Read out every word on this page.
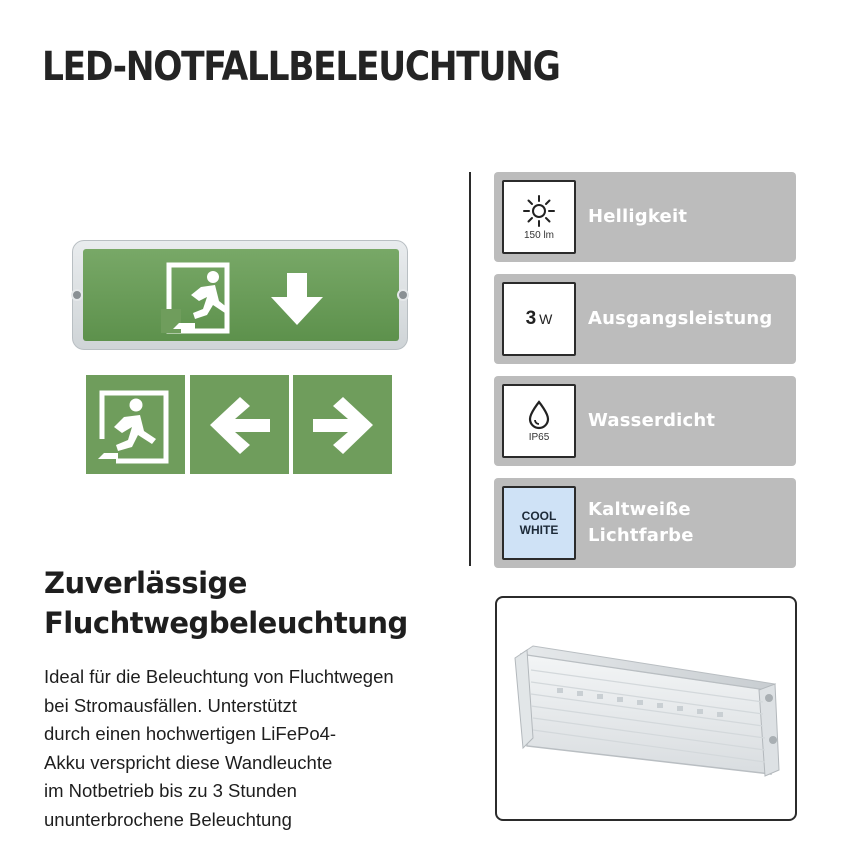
LED-NOTFALLBELEUCHTUNG
150 lm
Helligkeit
3 W Ausgangsleistung
IP65
Wasserdicht
COOL
WHITE
Kaltweiße
Lichtfarbe
Zuverlässige
Fluchtwegbeleuchtung
Ideal für die Beleuchtung von Fluchtwegen
bei Stromausfällen. Unterstützt
durch einen hochwertigen LiFePo4-
Akku verspricht diese Wandleuchte
im Notbetrieb bis zu 3 Stunden
ununterbrochene Beleuchtung
